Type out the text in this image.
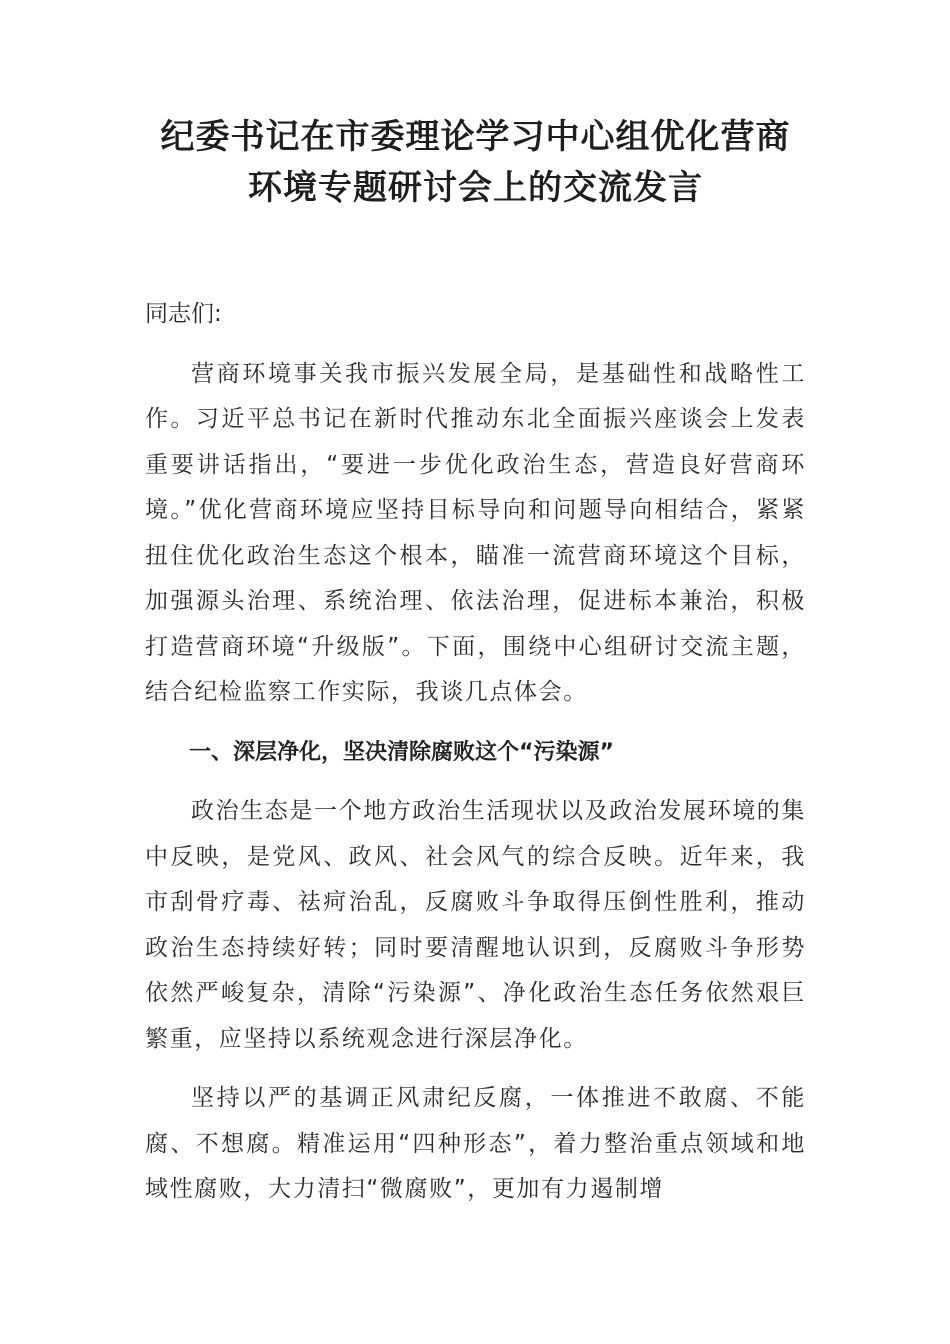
纪委书记在市委理论学习中心组优化营商
环境专题研讨会上的交流发言

同志们:

营商环境事关我市振兴发展全局，是基础性和战略性工作。习近平总书记在新时代推动东北全面振兴座谈会上发表重要讲话指出，“要进一步优化政治生态，营造良好营商环境。”优化营商环境应坚持目标导向和问题导向相结合，紧紧扭住优化政治生态这个根本，瞄准一流营商环境这个目标，加强源头治理、系统治理、依法治理，促进标本兼治，积极打造营商环境“升级版”。下面，围绕中心组研讨交流主题，结合纪检监察工作实际，我谈几点体会。

一、深层净化，坚决清除腐败这个“污染源”

政治生态是一个地方政治生活现状以及政治发展环境的集中反映，是党风、政风、社会风气的综合反映。近年来，我市刮骨疗毒、祛疴治乱，反腐败斗争取得压倒性胜利，推动政治生态持续好转；同时要清醒地认识到，反腐败斗争形势依然严峻复杂，清除“污染源”、净化政治生态任务依然艰巨繁重，应坚持以系统观念进行深层净化。

坚持以严的基调正风肃纪反腐，一体推进不敢腐、不能腐、不想腐。精准运用“四种形态”，着力整治重点领域和地域性腐败，大力清扫“微腐败”，更加有力遏制增
